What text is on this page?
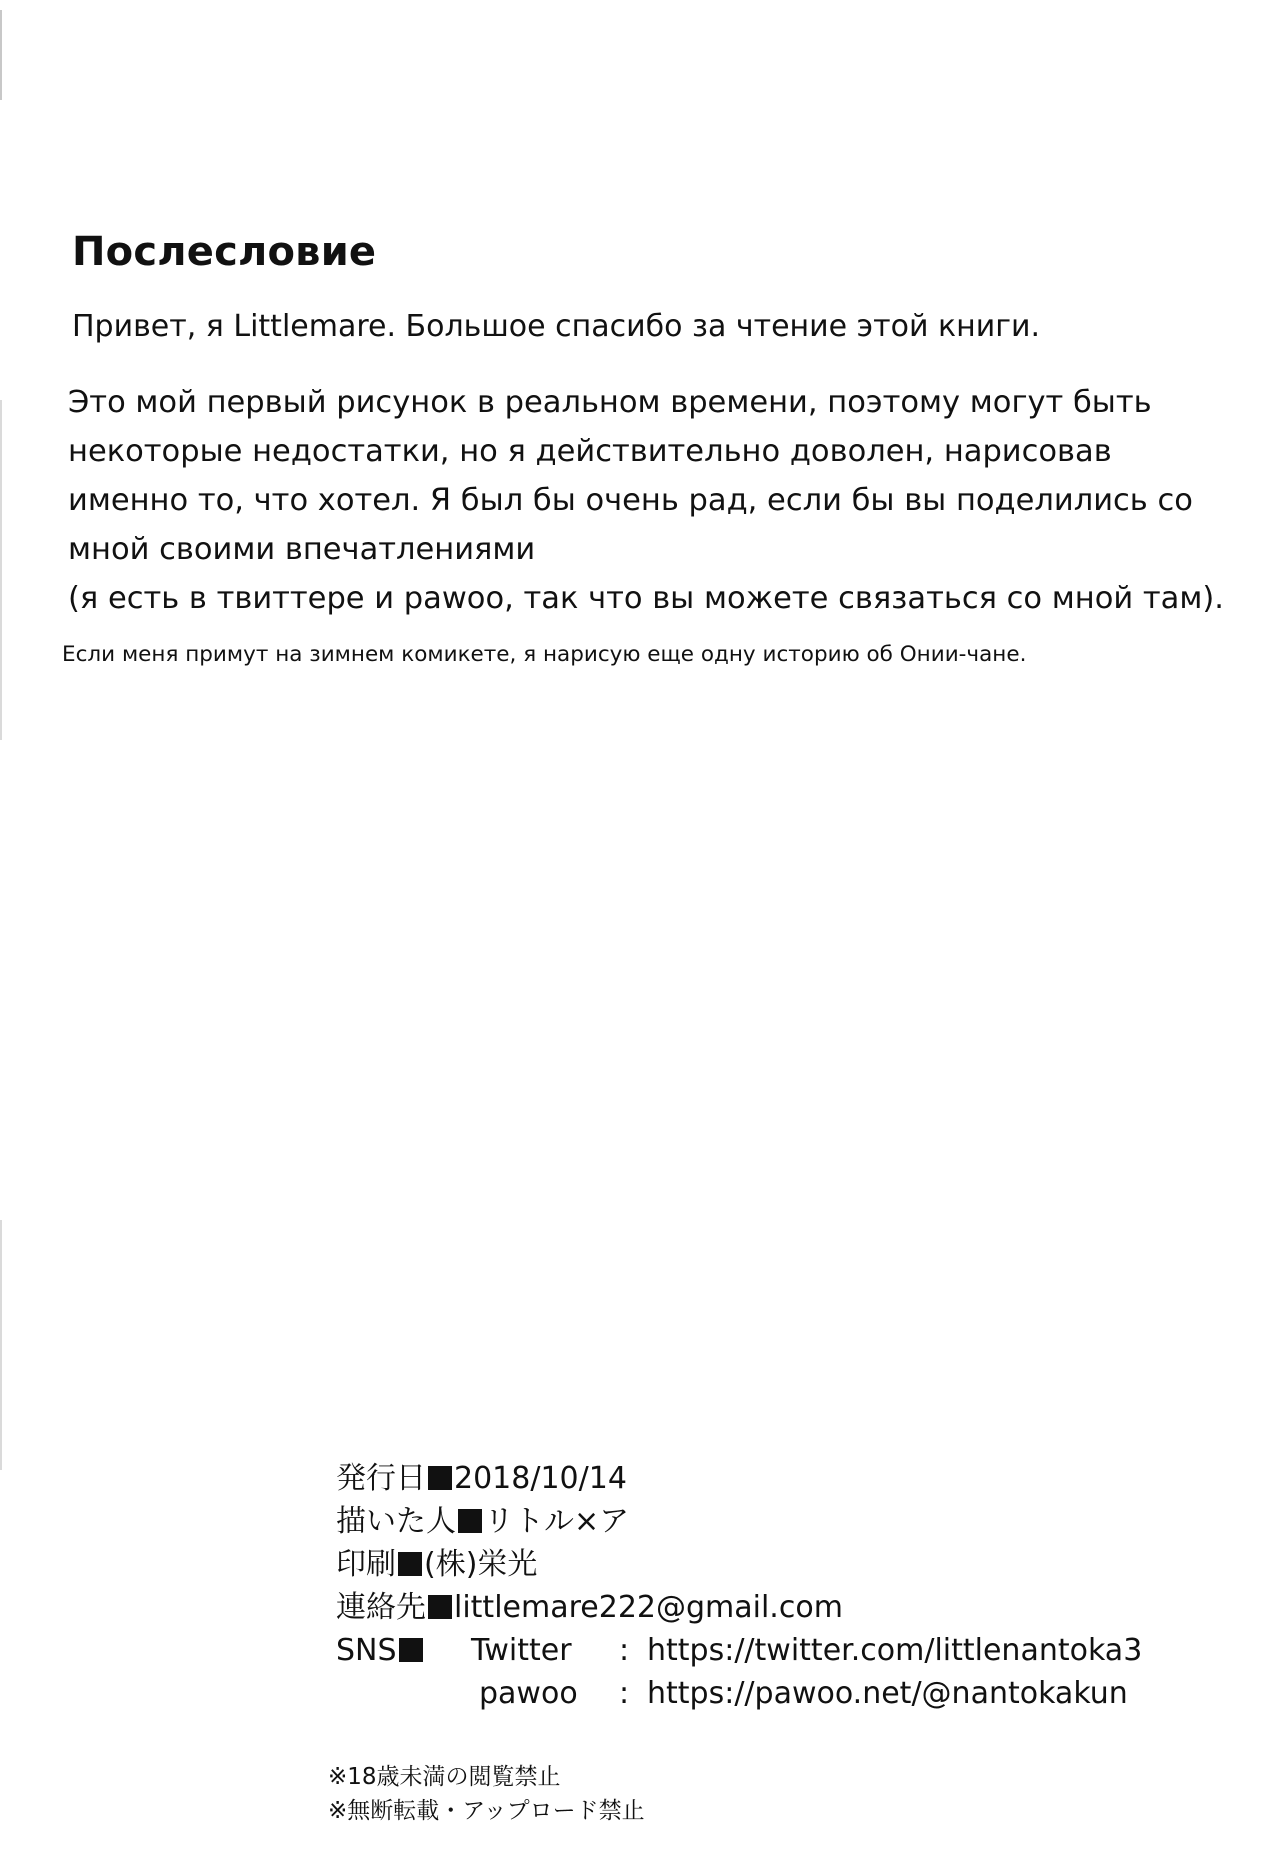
Послесловие

Привет, я Littlemare. Большое спасибо за чтение этой книги.

Это мой первый рисунок в реальном времени, поэтому могут быть
некоторые недостатки, но я действительно доволен, нарисовав
именно то, что хотел. Я был бы очень рад, если бы вы поделились со
мной своими впечатлениями
(я есть в твиттере и pawoo, так что вы можете связаться со мной там).

Если меня примут на зимнем комикете, я нарисую еще одну историю об Онии-чане.

発行日 2018/10/14
描いた人 リトル×ア
印刷 (株)栄光
連絡先 littlemare222@gmail.com
SNS Twitter	: https://twitter.com/littlenantoka3
pawoo	: https://pawoo.net/@nantokakun
※18歳未満の閲覧禁止
※無断転載・アップロード禁止
